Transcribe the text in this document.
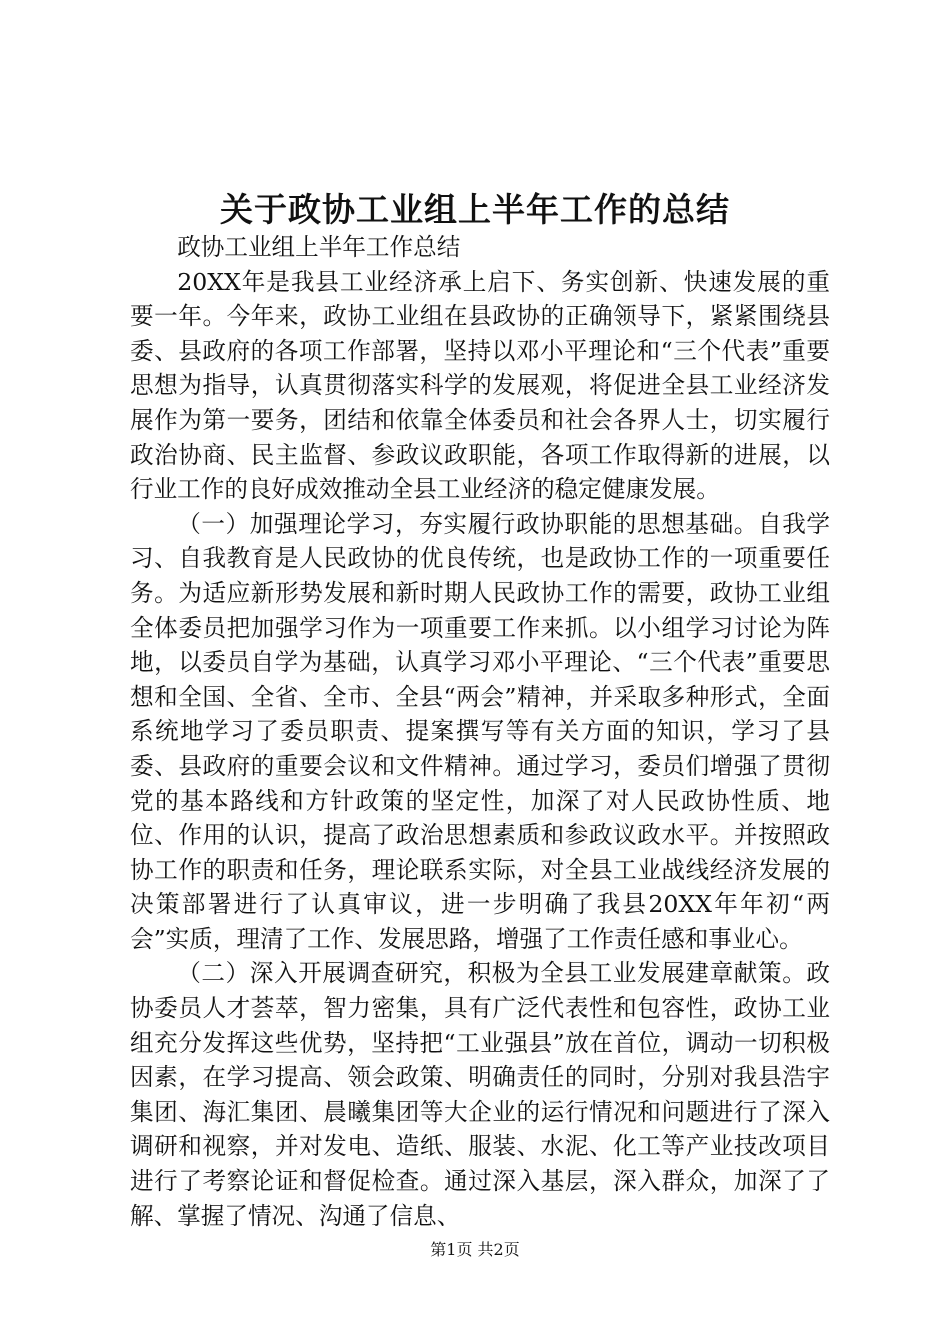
关于政协工业组上半年工作的总结

政协工业组上半年工作总结

20XX年是我县工业经济承上启下、务实创新、快速发展的重要一年。今年来，政协工业组在县政协的正确领导下，紧紧围绕县委、县政府的各项工作部署，坚持以邓小平理论和“三个代表”重要思想为指导，认真贯彻落实科学的发展观，将促进全县工业经济发展作为第一要务，团结和依靠全体委员和社会各界人士，切实履行政治协商、民主监督、参政议政职能，各项工作取得新的进展，以行业工作的良好成效推动全县工业经济的稳定健康发展。

（一）加强理论学习，夯实履行政协职能的思想基础。自我学习、自我教育是人民政协的优良传统，也是政协工作的一项重要任务。为适应新形势发展和新时期人民政协工作的需要，政协工业组全体委员把加强学习作为一项重要工作来抓。以小组学习讨论为阵地，以委员自学为基础，认真学习邓小平理论、“三个代表”重要思想和全国、全省、全市、全县“两会”精神，并采取多种形式，全面系统地学习了委员职责、提案撰写等有关方面的知识，学习了县委、县政府的重要会议和文件精神。通过学习，委员们增强了贯彻党的基本路线和方针政策的坚定性，加深了对人民政协性质、地位、作用的认识，提高了政治思想素质和参政议政水平。并按照政协工作的职责和任务，理论联系实际，对全县工业战线经济发展的决策部署进行了认真审议，进一步明确了我县20XX年年初“两会”实质，理清了工作、发展思路，增强了工作责任感和事业心。

（二）深入开展调查研究，积极为全县工业发展建章献策。政协委员人才荟萃，智力密集，具有广泛代表性和包容性，政协工业组充分发挥这些优势，坚持把“工业强县”放在首位，调动一切积极因素，在学习提高、领会政策、明确责任的同时，分别对我县浩宇集团、海汇集团、晨曦集团等大企业的运行情况和问题进行了深入调研和视察，并对发电、造纸、服装、水泥、化工等产业技改项目进行了考察论证和督促检查。通过深入基层，深入群众，加深了了解、掌握了情况、沟通了信息、

第1页 共2页
